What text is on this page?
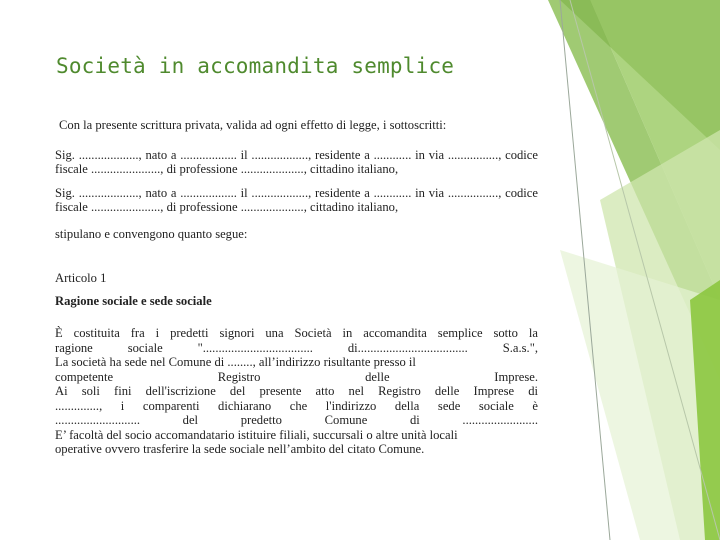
Società in accomandita semplice

Con la presente scrittura privata, valida ad ogni effetto di legge, i sottoscritti:

Sig. ..................., nato a .................. il .................., residente a ............ in via ................, codice fiscale ......................, di professione ...................., cittadino italiano,

Sig. ..................., nato a .................. il .................., residente a ............ in via ................, codice fiscale ......................, di professione ...................., cittadino italiano,

stipulano e convengono quanto segue:

Articolo 1

Ragione sociale e sede sociale

È costituita fra i predetti signori una Società in accomandita semplice sotto la
ragione sociale "................................... di................................... S.a.s.",
La società ha sede nel Comune di ........, all’indirizzo risultante presso il
competente Registro delle Imprese.
Ai soli fini dell'iscrizione del presente atto nel Registro delle Imprese di
.............., i comparenti dichiarano che l'indirizzo della sede sociale è
........................... del predetto Comune di ........................
E’ facoltà del socio accomandatario istituire filiali, succursali o altre unità locali
operative ovvero trasferire la sede sociale nell’ambito del citato Comune.
